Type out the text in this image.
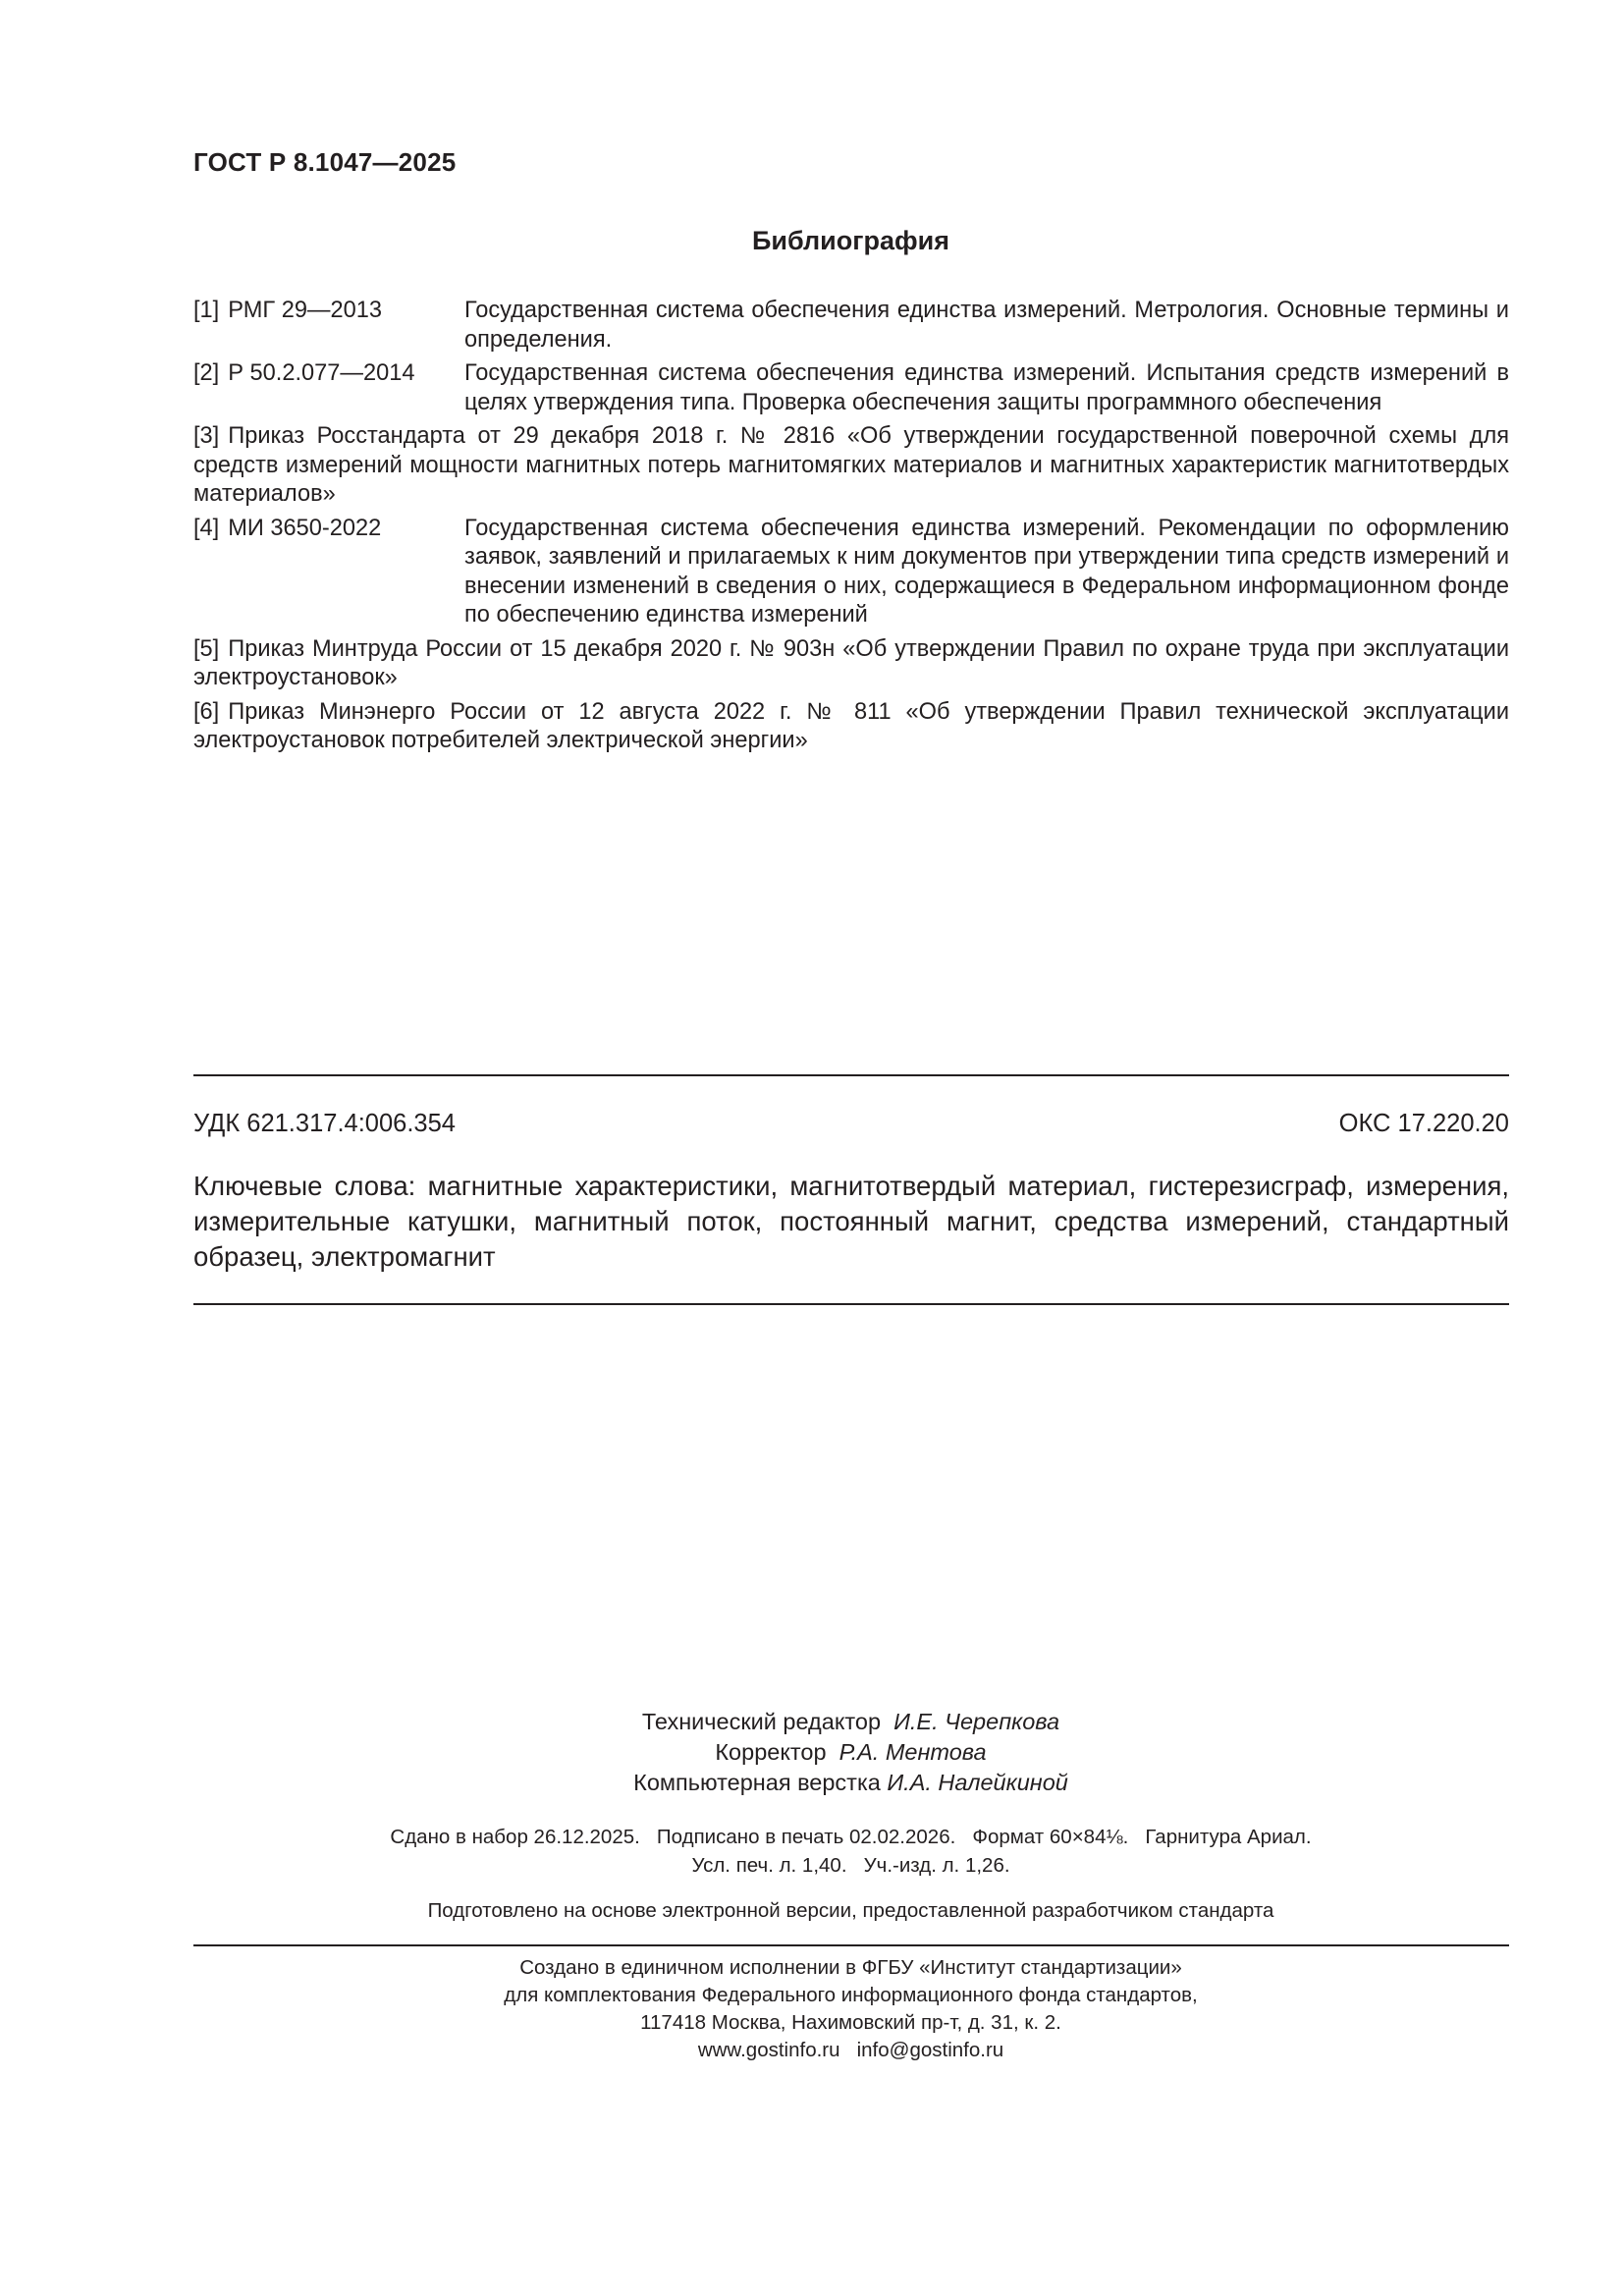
ГОСТ Р 8.1047—2025
Библиография
[1] РМГ 29—2013	Государственная система обеспечения единства измерений. Метрология. Основные термины и определения.
[2] Р 50.2.077—2014 Государственная система обеспечения единства измерений. Испытания средств измерений в целях утверждения типа. Проверка обеспечения защиты программного обеспечения
[3] Приказ Росстандарта от 29 декабря 2018 г. № 2816 «Об утверждении государственной поверочной схемы для средств измерений мощности магнитных потерь магнитомягких материалов и магнитных характеристик магнитотвердых материалов»
[4] МИ 3650-2022	Государственная система обеспечения единства измерений. Рекомендации по оформлению заявок, заявлений и прилагаемых к ним документов при утверждении типа средств измерений и внесении изменений в сведения о них, содержащиеся в Федеральном информационном фонде по обеспечению единства измерений
[5] Приказ Минтруда России от 15 декабря 2020 г. № 903н «Об утверждении Правил по охране труда при эксплуатации электроустановок»
[6] Приказ Минэнерго России от 12 августа 2022 г. № 811 «Об утверждении Правил технической эксплуатации электроустановок потребителей электрической энергии»
УДК 621.317.4:006.354	ОКС 17.220.20
Ключевые слова: магнитные характеристики, магнитотвердый материал, гистерезисграф, измерения, измерительные катушки, магнитный поток, постоянный магнит, средства измерений, стандартный образец, электромагнит
Технический редактор И.Е. Черепкова
Корректор Р.А. Ментова
Компьютерная верстка И.А. Налейкиной
Сдано в набор 26.12.2025.   Подписано в печать 02.02.2026.   Формат 60×84⅛.   Гарнитура Ариал.
Усл. печ. л. 1,40.   Уч.-изд. л. 1,26.
Подготовлено на основе электронной версии, предоставленной разработчиком стандарта
Создано в единичном исполнении в ФГБУ «Институт стандартизации»
для комплектования Федерального информационного фонда стандартов,
117418 Москва, Нахимовский пр-т, д. 31, к. 2.
www.gostinfo.ru   info@gostinfo.ru
